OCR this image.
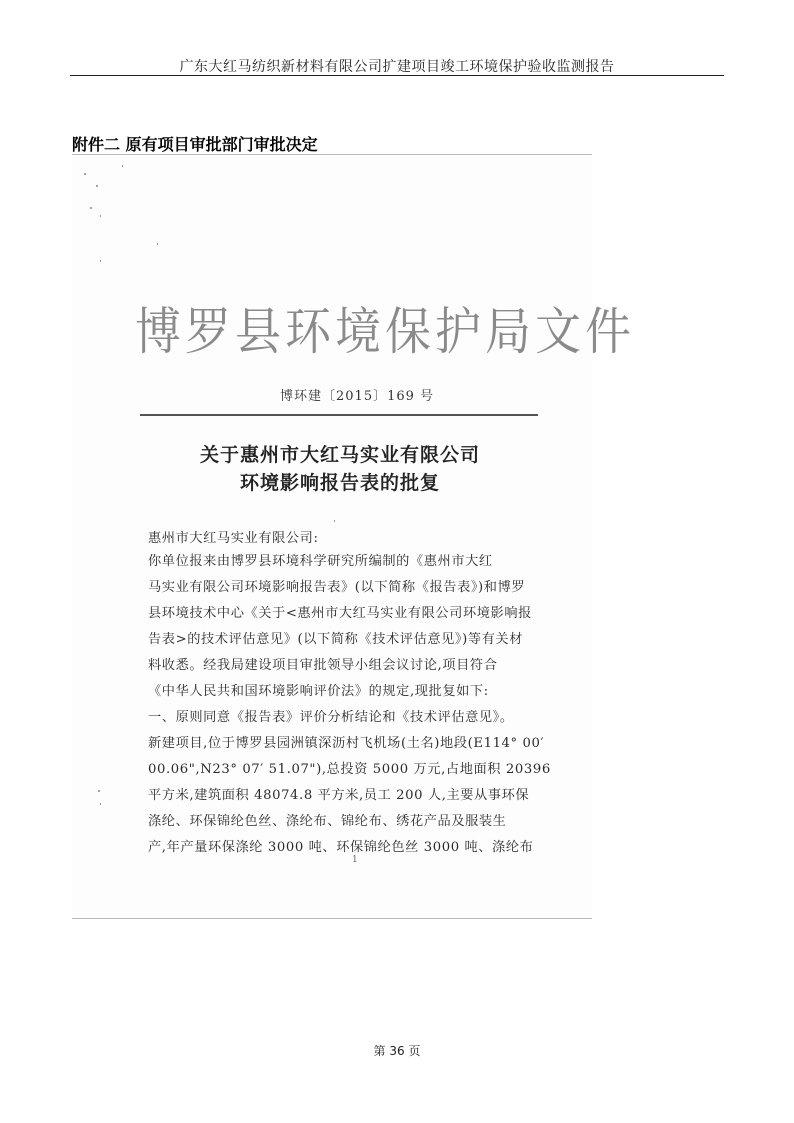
广东大红马纺织新材料有限公司扩建项目竣工环境保护验收监测报告
附件二 原有项目审批部门审批决定
博罗县环境保护局文件
博环建〔2015〕169 号
关于惠州市大红马实业有限公司
环境影响报告表的批复
惠州市大红马实业有限公司:
你单位报来由博罗县环境科学研究所编制的《惠州市大红
马实业有限公司环境影响报告表》(以下简称《报告表》)和博罗
县环境技术中心《关于<惠州市大红马实业有限公司环境影响报
告表>的技术评估意见》(以下简称《技术评估意见》)等有关材
料收悉。经我局建设项目审批领导小组会议讨论,项目符合
《中华人民共和国环境影响评价法》的规定,现批复如下:
一、原则同意《报告表》评价分析结论和《技术评估意见》。
新建项目,位于博罗县园洲镇深沥村飞机场(土名)地段(E114° 00′
00.06",N23° 07′ 51.07"),总投资 5000 万元,占地面积 20396
平方米,建筑面积 48074.8 平方米,员工 200 人,主要从事环保
涤纶、环保锦纶色丝、涤纶布、锦纶布、绣花产品及服装生
产,年产量环保涤纶 3000 吨、环保锦纶色丝 3000 吨、涤纶布
1
第 36 页
